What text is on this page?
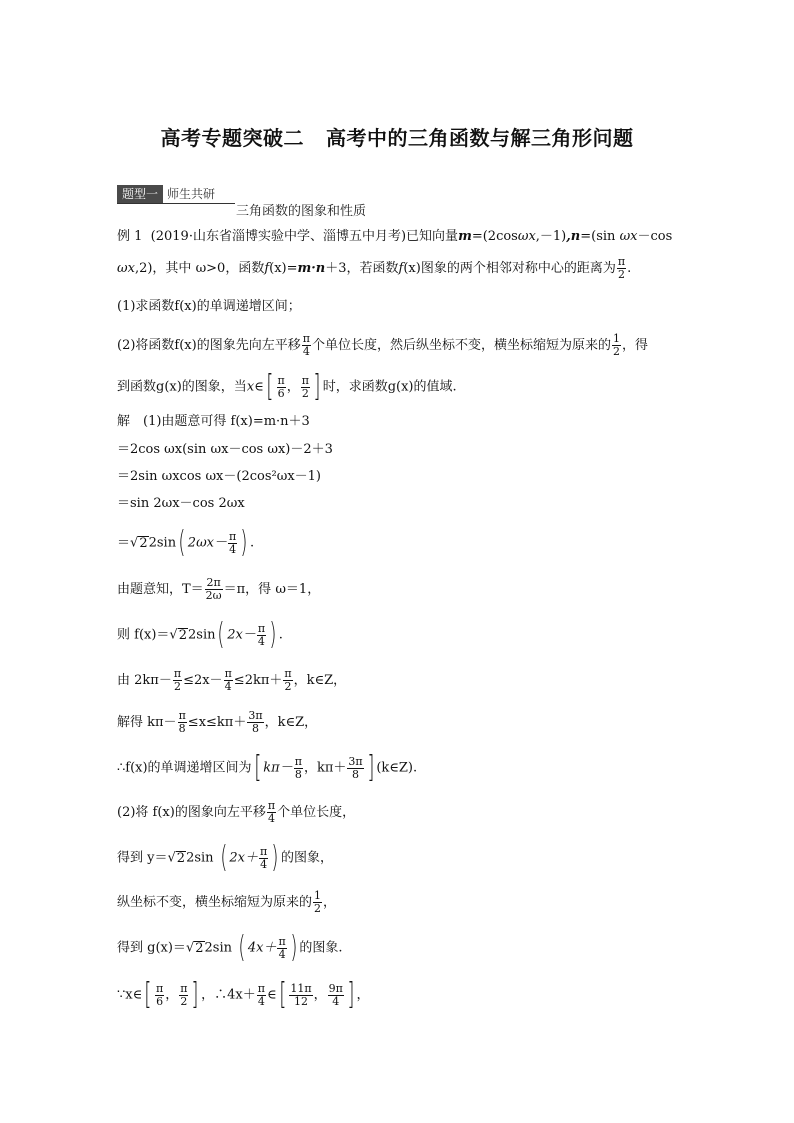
高考专题突破二 高考中的三角函数与解三角形问题
题型一 师生共研
三角函数的图象和性质
例 1 (2019·山东省淄博实验中学、淄博五中月考)已知向量m=(2cosωx,－1),n=(sin ωx－cos
ωx,2)，其中 ω>0，函数f(x)=m·n＋3，若函数f(x)图象的两个相邻对称中心的距离为 $\frac{\pi}{2}$ .
(1)求函数f(x)的单调递增区间；
(2)将函数f(x)的图象先向左平移 $\frac{\pi}{4}$ 个单位长度，然后纵坐标不变，横坐标缩短为原来的 $\frac{1}{2}$ ，得
到函数g(x)的图象，当x∈[ $\frac{\pi}{6}$ ， $\frac{\pi}{2}$ ] 时，求函数g(x)的值域.
解　(1)由题意可得 f(x)=m·n＋3
＝2cos ωx(sin ωx－cos ωx)－2＋3
＝2sin ωxcos ωx－(2cos²ωx－1)
＝sin 2ωx－cos 2ωx
＝√22sin( $2\omega x- \frac{\pi}{4}$ ) .
由题意知，$T= \frac{2\pi}{2\omega} =\pi$，得 ω＝1，
则 f(x)＝√22sin( $2x- \frac{\pi}{4}$ ) .
由 $2k\pi- \frac{\pi}{2} \le 2x- \frac{\pi}{4} \le 2k\pi+ \frac{\pi}{2}$ ，k∈Z，
解得 $k\pi- \frac{\pi}{8} \le x\le k\pi+ \frac{3\pi}{8}$ ，k∈Z，
∴f(x)的单调递增区间为[ $k\pi- \frac{\pi}{8}$ ，$k\pi+ \frac{3\pi}{8}$ ] (k∈Z).
(2)将 f(x)的图象向左平移 $\frac{\pi}{4}$ 个单位长度，
得到 y＝√22sin ( $2x+ \frac{\pi}{4}$ ) 的图象，
纵坐标不变，横坐标缩短为原来的 $\frac{1}{2}$ ，
得到 g(x)＝√22sin ( $4x+ \frac{\pi}{4}$ ) 的图象.
∵x∈[ $\frac{\pi}{6}$ ， $\frac{\pi}{2}$ ] ，∴4x＋ $\frac{\pi}{4}$ ∈[ $\frac{11\pi}{12}$ ， $\frac{9\pi}{4}$ ] ，
